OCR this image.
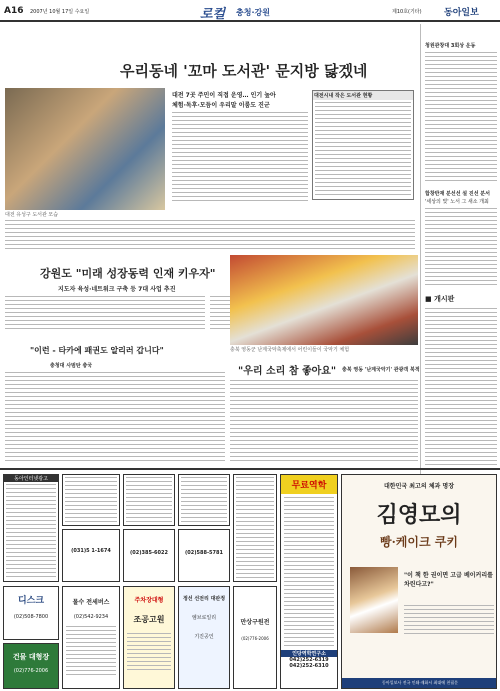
A16 2007년 10월 17일 수요일	로컬 충청·강원	제10호(기타) 동아일보
우리동네 '꼬마 도서관' 문지방 닳겠네
대전 유성구 도서관 모습
대전 7곳 주민이 직접 운영… 인기 높아
체험·독후·모듬이 우리말 이룸도 진군
대전시내 작은 도서관 현황
청원관창대 3회상 운동
합창반재 분선선 설 진선 분서
'세상의 빛' 노서 그 새소 개최
■ 개시판
강원도 "미래 성장동력 인재 키우자"
지도자 육성·네트워크 구축 등 7대 사업 추진
"이런 - 타카에 패권도 알리러 갑니다"
충청대 사범탄 충국
충북 영동군 난계국악축제에서 어린이들이 국악기 체험
"우리 소리 참 좋아요" 충북 영동 '난계국악기' 관광객 북적
동아인터넷광고
(031)5 1-1674	(02)385-6022	(02)588-5781
무료역학
인당역학연구소
042)252-6319
042)252-6310
대한민국 최고의 체과 명장
김영모의
빵·케이크 쿠키
"이 책 한 권이면 고급 베이커리를 차린다고?"
동아일보사 전국 인쇄·재화시 최대에 천필문
디스크
(02)508-7800
건물 대형장
(02)776-2006
물수 전세버스
(02)542-9234
주차장대형
조공고원
정선 선전리 대판정
엠브로일리
기진공인
만상구원전
(02)776-2006
